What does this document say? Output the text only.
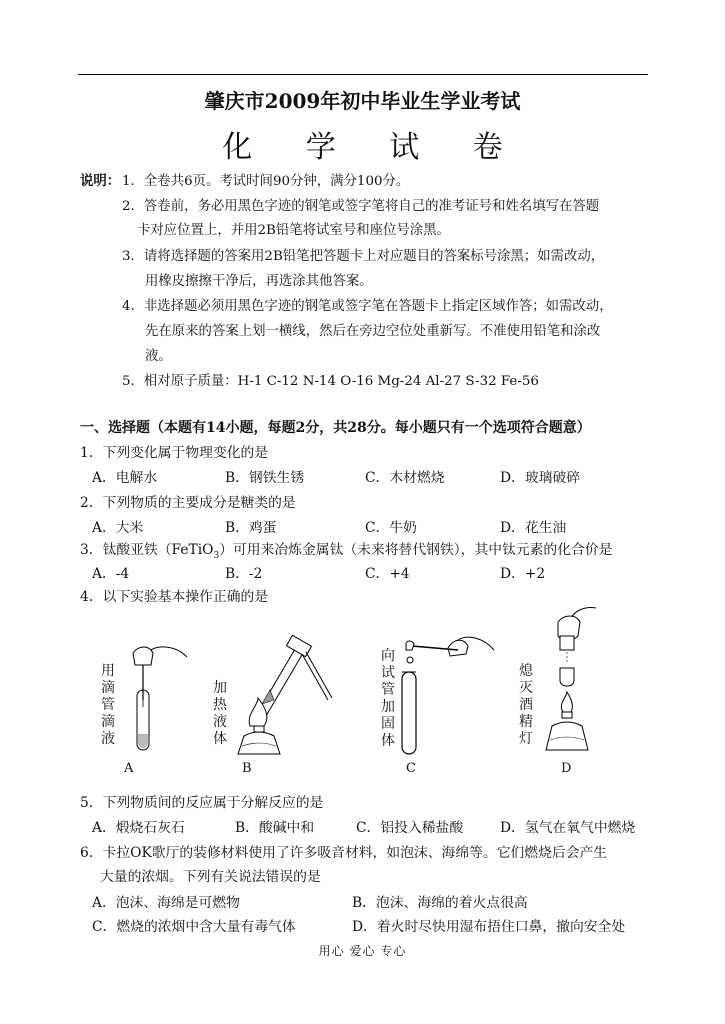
肇庆市2009年初中毕业生学业考试
化 学 试 卷
说明： 1．全卷共6页。考试时间90分钟，满分100分。
2．答卷前，务必用黑色字迹的钢笔或签字笔将自己的准考证号和姓名填写在答题
卡对应位置上，并用2B铅笔将试室号和座位号涂黑。
3．请将选择题的答案用2B铅笔把答题卡上对应题目的答案标号涂黑；如需改动，
用橡皮擦擦干净后，再选涂其他答案。
4．非选择题必须用黑色字迹的钢笔或签字笔在答题卡上指定区域作答；如需改动，
先在原来的答案上划一横线，然后在旁边空位处重新写。不准使用铅笔和涂改
液。
5．相对原子质量：H-1 C-12 N-14 O-16 Mg-24 Al-27 S-32 Fe-56
一、选择题（本题有14小题，每题2分，共28分。每小题只有一个选项符合题意）
1．下列变化属于物理变化的是
A．电解水	B．钢铁生锈	C．木材燃烧	D．玻璃破碎
2．下列物质的主要成分是糖类的是
A．大米	B．鸡蛋	C．牛奶	D．花生油
3．钛酸亚铁（FeTiO$_3$）可用来冶炼金属钛（未来将替代钢铁），其中钛元素的化合价是
A．-4	B．-2	C．+4	D．+2
4．以下实验基本操作正确的是
用滴管滴液
A
加热液体
B
向试管加固体
C
熄灭酒精灯
D
5．下列物质间的反应属于分解反应的是
A．煅烧石灰石	B．酸碱中和	C．铝投入稀盐酸	D．氢气在氧气中燃烧
6．卡拉OK歌厅的装修材料使用了许多吸音材料，如泡沫、海绵等。它们燃烧后会产生
大量的浓烟。下列有关说法错误的是
A．泡沫、海绵是可燃物	B．泡沫、海绵的着火点很高
C．燃烧的浓烟中含大量有毒气体	D．着火时尽快用湿布捂住口鼻，撤向安全处
用心 爱心 专心
